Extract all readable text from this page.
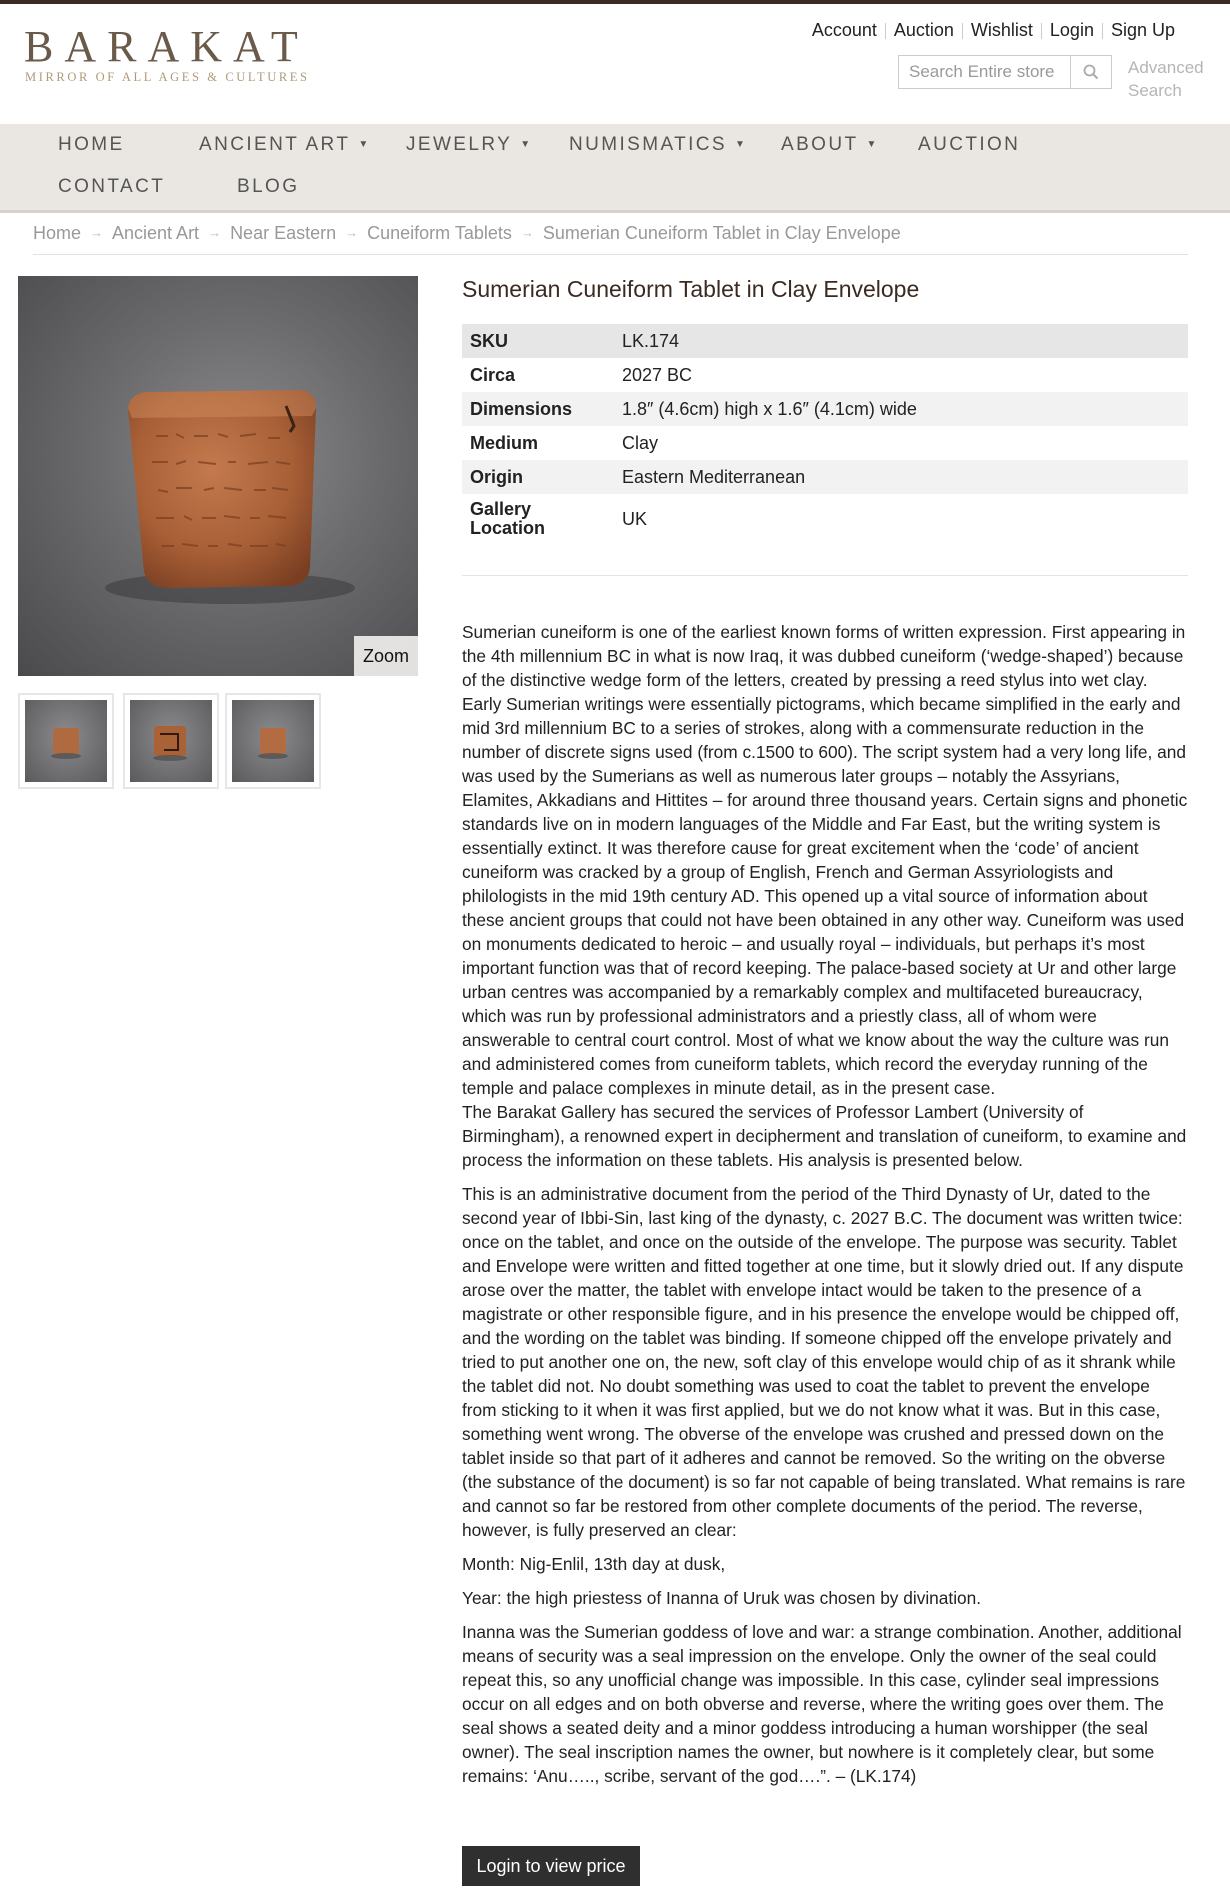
BARAKAT
MIRROR OF ALL AGES & CULTURES
Account Auction Wishlist Login Sign Up
Search Entire store here...
Advanced Search
HOME	ANCIENT ART ▼ JEWELRY ▼ NUMISMATICS ▼ ABOUT ▼ AUCTION
CONTACT	BLOG
Home → Ancient Art → Near Eastern → Cuneiform Tablets → Sumerian Cuneiform Tablet in Clay Envelope
Zoom
Sumerian Cuneiform Tablet in Clay Envelope
SKU	LK.174
Circa	2027 BC
Dimensions	1.8″ (4.6cm) high x 1.6″ (4.1cm) wide
Medium	Clay
Origin	Eastern Mediterranean
Gallery Location	UK

Sumerian cuneiform is one of the earliest known forms of written expression. First appearing in the 4th millennium BC in what is now Iraq, it was dubbed cuneiform (‘wedge-shaped’) because of the distinctive wedge form of the letters, created by pressing a reed stylus into wet clay. Early Sumerian writings were essentially pictograms, which became simplified in the early and mid 3rd millennium BC to a series of strokes, along with a commensurate reduction in the number of discrete signs used (from c.1500 to 600). The script system had a very long life, and was used by the Sumerians as well as numerous later groups – notably the Assyrians, Elamites, Akkadians and Hittites – for around three thousand years. Certain signs and phonetic standards live on in modern languages of the Middle and Far East, but the writing system is essentially extinct. It was therefore cause for great excitement when the ‘code’ of ancient cuneiform was cracked by a group of English, French and German Assyriologists and philologists in the mid 19th century AD. This opened up a vital source of information about these ancient groups that could not have been obtained in any other way. Cuneiform was used on monuments dedicated to heroic – and usually royal – individuals, but perhaps it’s most important function was that of record keeping. The palace-based society at Ur and other large urban centres was accompanied by a remarkably complex and multifaceted bureaucracy, which was run by professional administrators and a priestly class, all of whom were answerable to central court control. Most of what we know about the way the culture was run and administered comes from cuneiform tablets, which record the everyday running of the temple and palace complexes in minute detail, as in the present case.

The Barakat Gallery has secured the services of Professor Lambert (University of Birmingham), a renowned expert in decipherment and translation of cuneiform, to examine and process the information on these tablets. His analysis is presented below.

This is an administrative document from the period of the Third Dynasty of Ur, dated to the second year of Ibbi-Sin, last king of the dynasty, c. 2027 B.C. The document was written twice: once on the tablet, and once on the outside of the envelope. The purpose was security. Tablet and Envelope were written and fitted together at one time, but it slowly dried out. If any dispute arose over the matter, the tablet with envelope intact would be taken to the presence of a magistrate or other responsible figure, and in his presence the envelope would be chipped off, and the wording on the tablet was binding. If someone chipped off the envelope privately and tried to put another one on, the new, soft clay of this envelope would chip of as it shrank while the tablet did not. No doubt something was used to coat the tablet to prevent the envelope from sticking to it when it was first applied, but we do not know what it was. But in this case, something went wrong. The obverse of the envelope was crushed and pressed down on the tablet inside so that part of it adheres and cannot be removed. So the writing on the obverse (the substance of the document) is so far not capable of being translated. What remains is rare and cannot so far be restored from other complete documents of the period. The reverse, however, is fully preserved an clear:

Month: Nig-Enlil, 13th day at dusk,

Year: the high priestess of Inanna of Uruk was chosen by divination.

Inanna was the Sumerian goddess of love and war: a strange combination. Another, additional means of security was a seal impression on the envelope. Only the owner of the seal could repeat this, so any unofficial change was impossible. In this case, cylinder seal impressions occur on all edges and on both obverse and reverse, where the writing goes over them. The seal shows a seated deity and a minor goddess introducing a human worshipper (the seal owner). The seal inscription names the owner, but nowhere is it completely clear, but some remains: ‘Anu….., scribe, servant of the god….”. – (LK.174)

Login to view price
